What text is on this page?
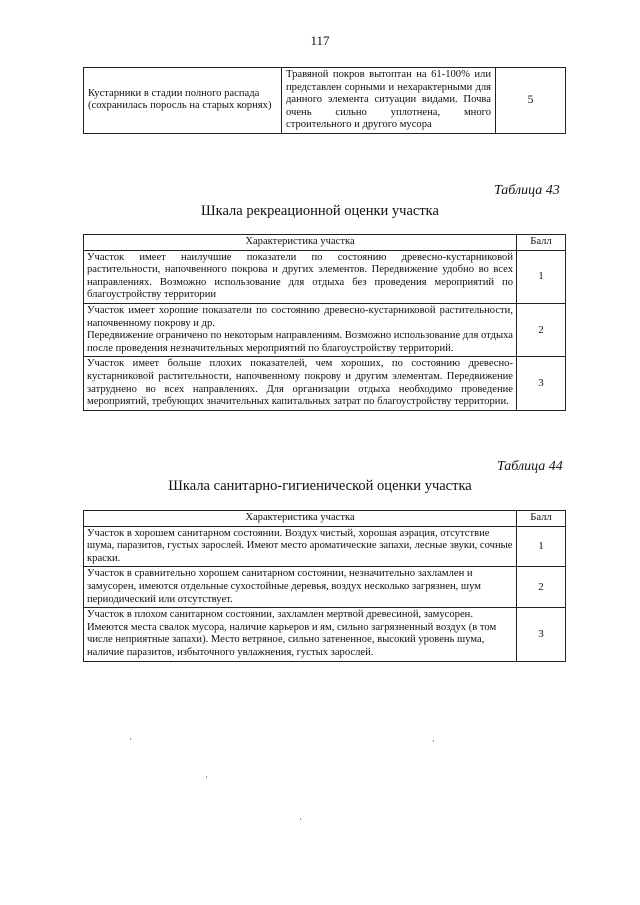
117
Кустарники в стадии полного распада (сохранилась поросль на старых корнях)	Травяной покров вытоптан на 61-100% или представлен сорными и нехарактерными для данного элемента ситуации видами. Почва очень сильно уплотнена, много строительного и другого мусора	5
Таблица 43
Шкала рекреационной оценки участка
Характеристика участка	Балл

Участок имеет наилучшие показатели по состоянию древесно-кустарниковой растительности, напочвенного покрова и других элементов. Передвижение удобно во всех направлениях. Возможно использование для отдыха без проведения мероприятий по благоустройству территории	1

Участок имеет хорошие показатели по состоянию древесно-кустарниковой растительности, напочвенному покрову и др.
Передвижение ограничено по некоторым направлениям. Возможно использование для отдыха после проведения незначительных мероприятий по благоустройству территорий.	2

Участок имеет больше плохих показателей, чем хороших, по состоянию древесно-кустарниковой растительности, напочвенному покрову и другим элементам. Передвижение затруднено во всех направлениях. Для организации отдыха необходимо проведение мероприятий, требующих значительных капитальных затрат по благоустройству территории.	3
Таблица 44
Шкала санитарно-гигиенической оценки участка
Характеристика участка	Балл

Участок в хорошем санитарном состоянии. Воздух чистый, хорошая аэрация, отсутствие шума, паразитов, густых зарослей. Имеют место ароматические запахи, лесные звуки, сочные краски.	1

Участок в сравнительно хорошем санитарном состоянии, незначительно захламлен и замусорен, имеются отдельные сухостойные деревья, воздух несколько загрязнен, шум периодический или отсутствует.	2

Участок в плохом санитарном состоянии, захламлен мертвой древесиной, замусорен. Имеются места свалок мусора, наличие карьеров и ям, сильно загрязненный воздух (в том числе неприятные запахи). Место ветряное, сильно затененное, высокий уровень шума, наличие паразитов, избыточного увлажнения, густых зарослей.	3
